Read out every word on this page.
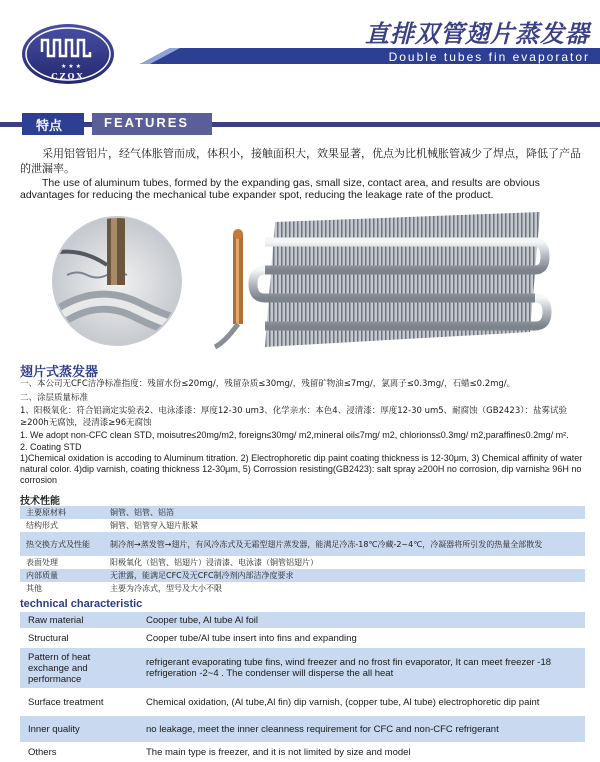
★ ★ ★
CZQX
直排双管翅片蒸发器
Double tubes fin evaporator
特点	FEATURES
采用铝管铝片，经气体胀管而成，体积小，接触面积大，效果显著，优点为比机械胀管减少了焊点，降低了产品的泄漏率。
The use of aluminum tubes, formed by the expanding gas, small size, contact area, and results are obvious advantages for reducing the mechanical tube expander spot, reducing the leakage rate of the product.
翅片式蒸发器
一、本公司无CFC洁净标准指度：残留水份≤20mg/，残留杂质≤30mg/，残留矿物油≤7mg/，氯离子≤0.3mg/，石蜡≤0.2mg/。
二、涂层质量标准
1、阳极氧化：符合铝滴定实验表2、电泳漆漆：厚度12-30 um3、化学亲水：本色4、浸清漆：厚度12-30 um5、耐腐蚀（GB2423）：盐雾试验≥200h无腐蚀，浸清漆≥96无腐蚀
1. We adopt non-CFC clean STD, moisutre≤20mg/m2, foreign≤30mg/ m2,mineral oil≤7mg/ m2, chlorions≤0.3mg/ m2,paraffine≤0.2mg/ m².
2. Coating STD
1)Chemical oxidation is accoding to Aluminum titration. 2) Electrophoretic dip paint coating thickness is 12-30μm, 3) Chemical affinity of water natural color. 4)dip varnish, coating thickness 12-30μm, 5) Corrossion resisting(GB2423): salt spray ≥200H no corrosion, dip varnish≥ 96H no corrosion
技术性能
主要原材料	铜管、铝管、铝箔
结构形式	铜管、铝管穿入翅片胀紧
热交换方式及性能	制冷剂→蒸发管→翅片，有风冷冻式及无霜型翅片蒸发器，能满足冷冻-18℃冷藏-2~4℃，冷凝器将所引发的热量全部散发
表面处理	阳极氧化（铝管、铝翅片）浸清漆、电泳漆（铜管铝翅片）
内部质量	无泄露，能满足CFC及无CFC制冷剂内部洁净度要求
其他	主要为冷冻式，型号及大小不限
technical characteristic
Raw material	Cooper tube, Al tube Al foil
Structural	Cooper tube/Al tube insert into fins and expanding
Pattern of heat exchange and performance	refrigerant evaporating tube fins, wind freezer and no frost fin evaporator, It can meet freezer -18 refrigeration -2~4 . The condenser will disperse the all heat
Surface treatment	Chemical oxidation, (Al tube,Al fin) dip varnish, (copper tube, Al tube) electrophoretic dip paint
Inner quality	no leakage, meet the inner cleanness requirement for CFC and non-CFC refrigerant
Others	The main type is freezer, and it is not limited by size and model
